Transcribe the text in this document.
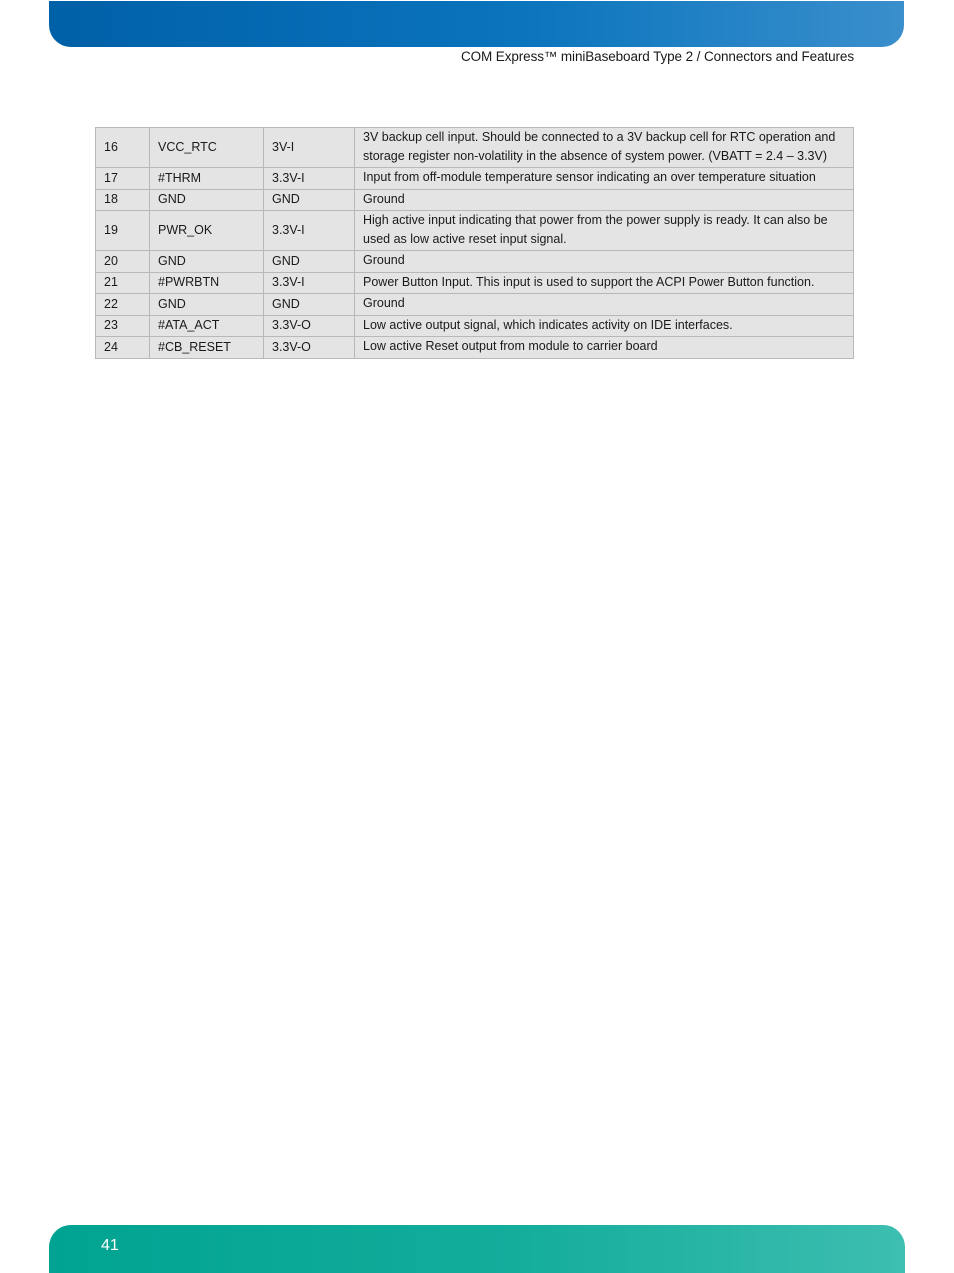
COM Express™ miniBaseboard Type 2 / Connectors and Features
16	VCC_RTC	3V-I	3V backup cell input. Should be connected to a 3V backup cell for RTC operation and storage register non-volatility in the absence of system power. (VBATT = 2.4 – 3.3V)
17	#THRM	3.3V-I	Input from off-module temperature sensor indicating an over temperature situation
18	GND	GND	Ground
19	PWR_OK	3.3V-I	High active input indicating that power from the power supply is ready. It can also be used as low active reset input signal.
20	GND	GND	Ground
21	#PWRBTN	3.3V-I	Power Button Input. This input is used to support the ACPI Power Button function.
22	GND	GND	Ground
23	#ATA_ACT	3.3V-O	Low active output signal, which indicates activity on IDE interfaces.
24	#CB_RESET	3.3V-O	Low active Reset output from module to carrier board
41
